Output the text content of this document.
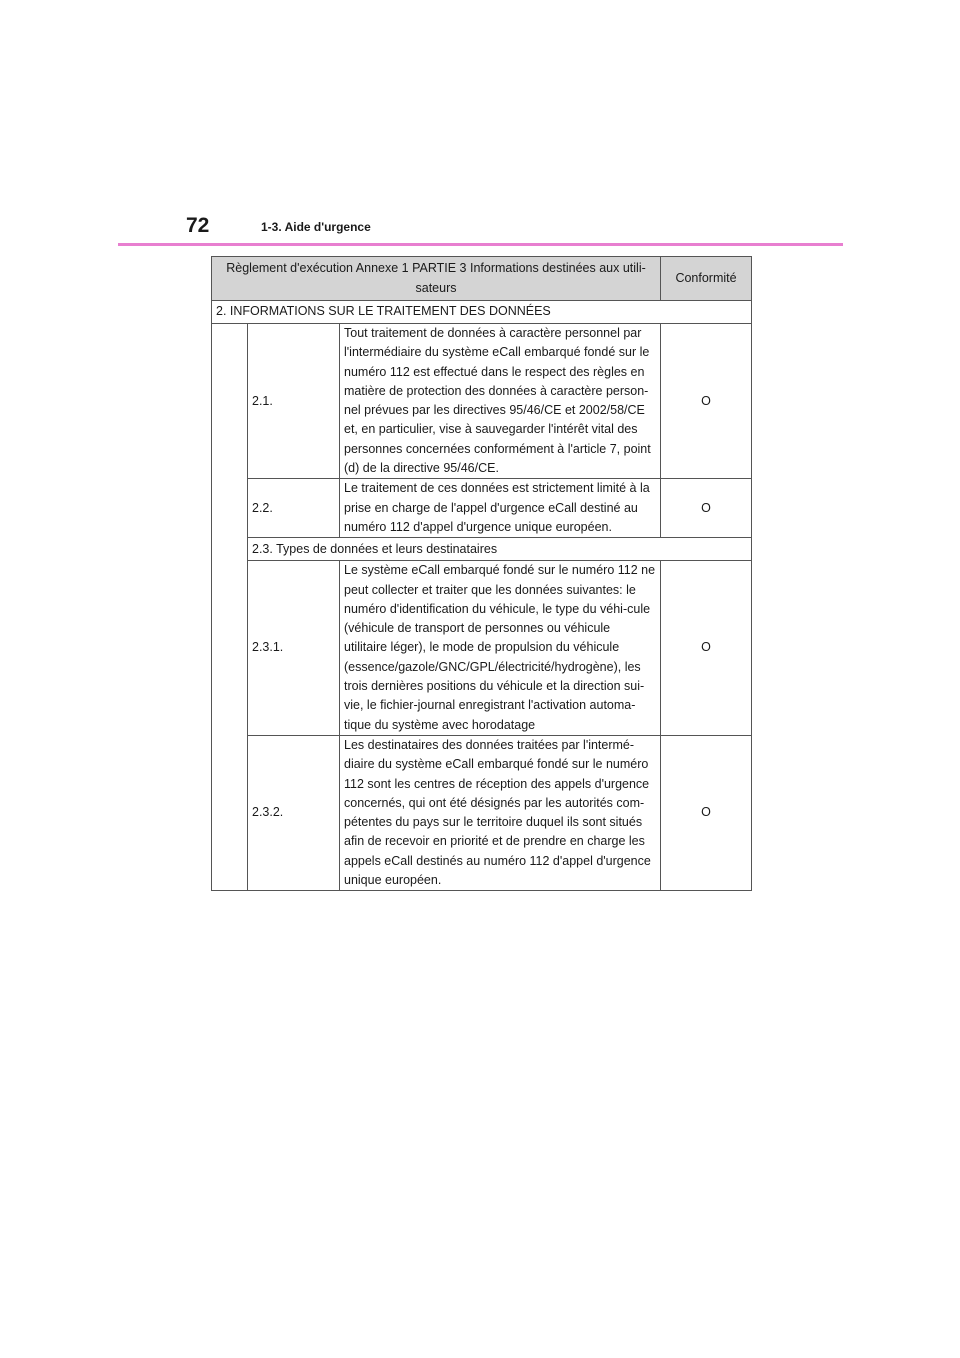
72	1-3. Aide d'urgence
Règlement d'exécution Annexe 1 PARTIE 3 Informations destinées aux utili-sateurs			Conformité
2. INFORMATIONS SUR LE TRAITEMENT DES DONNÉES			
	2.1.	Tout traitement de données à caractère personnel par l'intermédiaire du système eCall embarqué fondé sur le numéro 112 est effectué dans le respect des règles en matière de protection des données à caractère person-nel prévues par les directives 95/46/CE et 2002/58/CE et, en particulier, vise à sauvegarder l'intérêt vital des personnes concernées conformément à l'article 7, point (d) de la directive 95/46/CE.	O
	2.2.	Le traitement de ces données est strictement limité à la prise en charge de l'appel d'urgence eCall destiné au numéro 112 d'appel d'urgence unique européen.	O
	2.3. Types de données et leurs destinataires		
	2.3.1.	Le système eCall embarqué fondé sur le numéro 112 ne peut collecter et traiter que les données suivantes: le numéro d'identification du véhicule, le type du véhi-cule (véhicule de transport de personnes ou véhicule utilitaire léger), le mode de propulsion du véhicule (essence/gazole/GNC/GPL/électricité/hydrogène), les trois dernières positions du véhicule et la direction sui-vie, le fichier-journal enregistrant l'activation automa-tique du système avec horodatage	O
	2.3.2.	Les destinataires des données traitées par l'intermé-diaire du système eCall embarqué fondé sur le numéro 112 sont les centres de réception des appels d'urgence concernés, qui ont été désignés par les autorités com-pétentes du pays sur le territoire duquel ils sont situés afin de recevoir en priorité et de prendre en charge les appels eCall destinés au numéro 112 d'appel d'urgence unique européen.	O
